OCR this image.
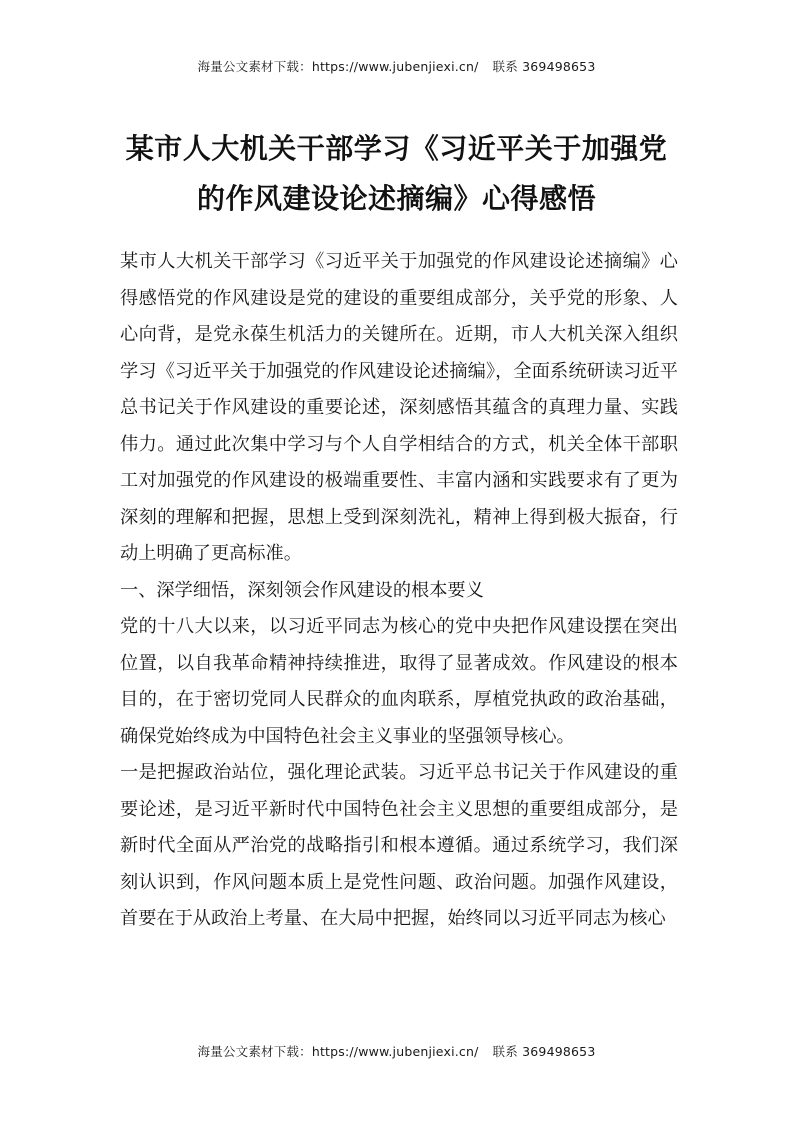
海量公文素材下载：https://www.jubenjiexi.cn/ 联系 369498653
某市人大机关干部学习《习近平关于加强党
的作风建设论述摘编》心得感悟

某市人大机关干部学习《习近平关于加强党的作风建设论述摘编》心得感悟党的作风建设是党的建设的重要组成部分，关乎党的形象、人心向背，是党永葆生机活力的关键所在。近期，市人大机关深入组织学习《习近平关于加强党的作风建设论述摘编》，全面系统研读习近平总书记关于作风建设的重要论述，深刻感悟其蕴含的真理力量、实践伟力。通过此次集中学习与个人自学相结合的方式，机关全体干部职工对加强党的作风建设的极端重要性、丰富内涵和实践要求有了更为深刻的理解和把握，思想上受到深刻洗礼，精神上得到极大振奋，行动上明确了更高标准。

一、深学细悟，深刻领会作风建设的根本要义

党的十八大以来，以习近平同志为核心的党中央把作风建设摆在突出位置，以自我革命精神持续推进，取得了显著成效。作风建设的根本目的，在于密切党同人民群众的血肉联系，厚植党执政的政治基础，确保党始终成为中国特色社会主义事业的坚强领导核心。

一是把握政治站位，强化理论武装。习近平总书记关于作风建设的重要论述，是习近平新时代中国特色社会主义思想的重要组成部分，是新时代全面从严治党的战略指引和根本遵循。通过系统学习，我们深刻认识到，作风问题本质上是党性问题、政治问题。加强作风建设，首要在于从政治上考量、在大局中把握，始终同以习近平同志为核心

海量公文素材下载：https://www.jubenjiexi.cn/ 联系 369498653
